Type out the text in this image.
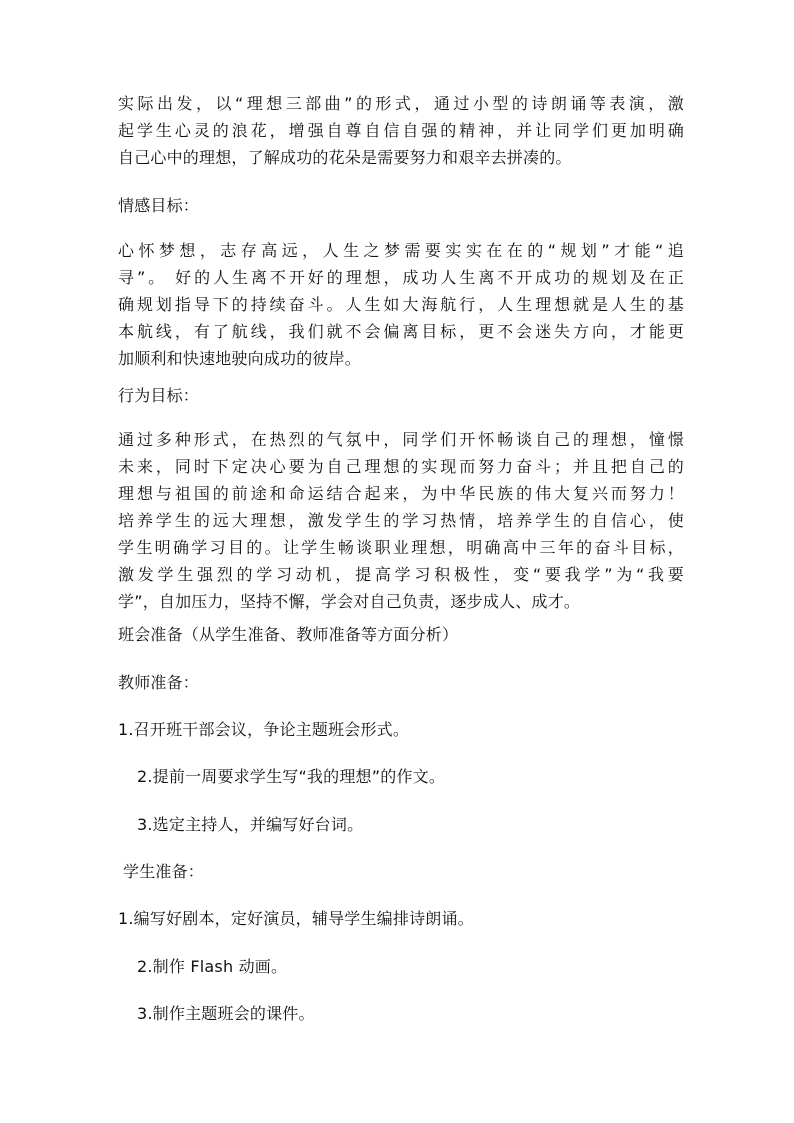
实际出发，以“理想三部曲”的形式，通过小型的诗朗诵等表演，激
起学生心灵的浪花，增强自尊自信自强的精神，并让同学们更加明确
自己心中的理想，了解成功的花朵是需要努力和艰辛去拼凑的。
情感目标：
心怀梦想，志存高远，人生之梦需要实实在在的“规划”才能“追
寻”。 好的人生离不开好的理想，成功人生离不开成功的规划及在正
确规划指导下的持续奋斗。人生如大海航行，人生理想就是人生的基
本航线，有了航线，我们就不会偏离目标，更不会迷失方向，才能更
加顺利和快速地驶向成功的彼岸。
行为目标：
通过多种形式，在热烈的气氛中，同学们开怀畅谈自己的理想，憧憬
未来，同时下定决心要为自己理想的实现而努力奋斗；并且把自己的
理想与祖国的前途和命运结合起来，为中华民族的伟大复兴而努力！
培养学生的远大理想，激发学生的学习热情，培养学生的自信心，使
学生明确学习目的。让学生畅谈职业理想，明确高中三年的奋斗目标，
激发学生强烈的学习动机，提高学习积极性，变“要我学”为“我要
学”，自加压力，坚持不懈，学会对自己负责，逐步成人、成才。
班会准备（从学生准备、教师准备等方面分析）
教师准备：
1.召开班干部会议，争论主题班会形式。
2.提前一周要求学生写“我的理想”的作文。
3.选定主持人，并编写好台词。
学生准备：
1.编写好剧本，定好演员，辅导学生编排诗朗诵。
2.制作 Flash 动画。
3.制作主题班会的课件。
